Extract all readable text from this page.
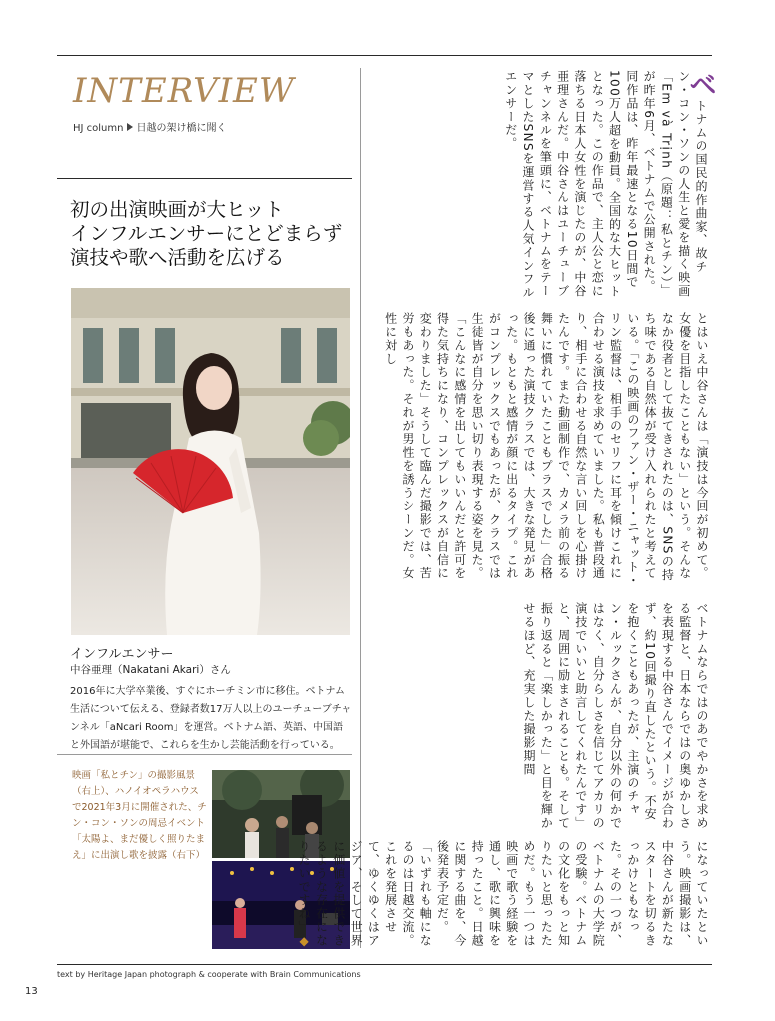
INTERVIEW
HJ column 日越の架け橋に聞く
初の出演映画が大ヒット
インフルエンサーにとどまらず
演技や歌へ活動を広げる
インフルエンサー
中谷亜理（Nakatani Akari）さん
2016年に大学卒業後、すぐにホーチミン市に移住。ベトナム生活について伝える、登録者数17万人以上のユーチューブチャンネル「aNcari Room」を運営。ベトナム語、英語、中国語と外国語が堪能で、これらを生かし芸能活動を行っている。
映画「私とチン」の撮影風景（右上）、ハノイオペラハウスで2021年3月に開催された、チン・コン・ソンの周忌イベント「太陽よ、まだ優しく照りたまえ」に出演し歌を披露（右下）

ベトナムの国民的作曲家、故チン・コン・ソンの人生と愛を描く映画「Em và Trịnh（原題：私とチン）」が昨年6月、ベトナムで公開された。同作品は、昨年最速となる10日間で100万人超を動員。全国的な大ヒットとなった。この作品で、主人公と恋に落ちる日本人女性を演じたのが、中谷亜理さんだ。中谷さんはユーチューブチャンネルを筆頭に、ベトナムをテーマとしたSNSを運営する人気インフルエンサーだ。

とはいえ中谷さんは「演技は今回が初めて。女優を目指したこともない」という。そんななか役者として抜てきされたのは、SNSの持ち味である自然体が受け入れられたと考えている。「この映画のファン・ザー・ニャット・リン監督は、相手のセリフに耳を傾けこれに合わせる演技を求めていました。私も普段通り、相手に合わせる自然な言い回しを心掛けたんです。また動画制作で、カメラ前の振る舞いに慣れていたこともプラスでした」合格後に通った演技クラスでは、大きな発見があった。もともと感情が顔に出るタイプ。これがコンプレックスでもあったが、クラスでは生徒皆が自分を思い切り表現する姿を見た。「こんなに感情を出してもいいんだと許可を得た気持ちになり、コンプレックスが自信に変わりました」そうして臨んだ撮影では、苦労もあった。それが男性を誘うシーンだ。女性に対し

ベトナムならではのあでやかさを求める監督と、日本ならではの奥ゆかしさを表現する中谷さんでイメージが合わず、約10回撮り直したという。不安を抱くこともあったが、主演のチャン・ルックさんが、自分以外の何かではなく、自分らしさを信じてアカリの演技でいいと助言してくれたんです」と、周囲に励まされることも。そして振り返ると「楽しかった」と目を輝かせるほど、充実した撮影期間

になっていたという。映画撮影は、中谷さんが新たなスタートを切るきっかけともなった。その一つが、ベトナムの大学院の受験。ベトナムの文化をもっと知りたいと思ったためだ。もう一つは映画で歌う経験を通し、歌に興味を持ったこと。日越に関する曲を、今後発表予定だ。「いずれも軸になるのは日越交流。これを発展させて、ゆくゆくはアジア、そして世界に価値を提供できるような存在になりたいですね」◆

text by Heritage Japan photograph & cooperate with Brain Communications
13
